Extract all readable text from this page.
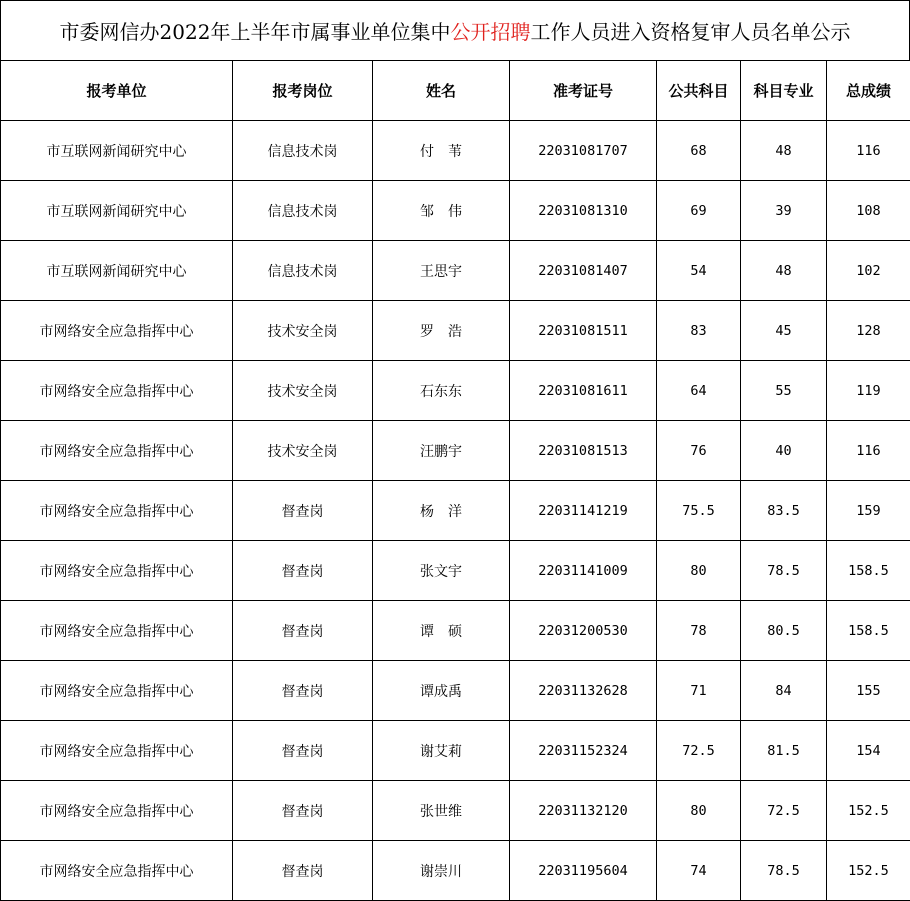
市委网信办2022年上半年市属事业单位集中 公开招聘 工作人员进入资格复审人员名单公示
报考单位	报考岗位	姓名	准考证号	公共科目	科目专业	总成绩
市互联网新闻研究中心	信息技术岗	付　苇	22031081707	68	48	116
市互联网新闻研究中心	信息技术岗	邹　伟	22031081310	69	39	108
市互联网新闻研究中心	信息技术岗	王思宇	22031081407	54	48	102
市网络安全应急指挥中心	技术安全岗	罗　浩	22031081511	83	45	128
市网络安全应急指挥中心	技术安全岗	石东东	22031081611	64	55	119
市网络安全应急指挥中心	技术安全岗	汪鹏宇	22031081513	76	40	116
市网络安全应急指挥中心	督查岗	杨　洋	22031141219	75.5	83.5	159
市网络安全应急指挥中心	督查岗	张文宇	22031141009	80	78.5	158.5
市网络安全应急指挥中心	督查岗	谭　硕	22031200530	78	80.5	158.5
市网络安全应急指挥中心	督查岗	谭成禹	22031132628	71	84	155
市网络安全应急指挥中心	督查岗	谢艾莉	22031152324	72.5	81.5	154
市网络安全应急指挥中心	督查岗	张世维	22031132120	80	72.5	152.5
市网络安全应急指挥中心	督查岗	谢崇川	22031195604	74	78.5	152.5
